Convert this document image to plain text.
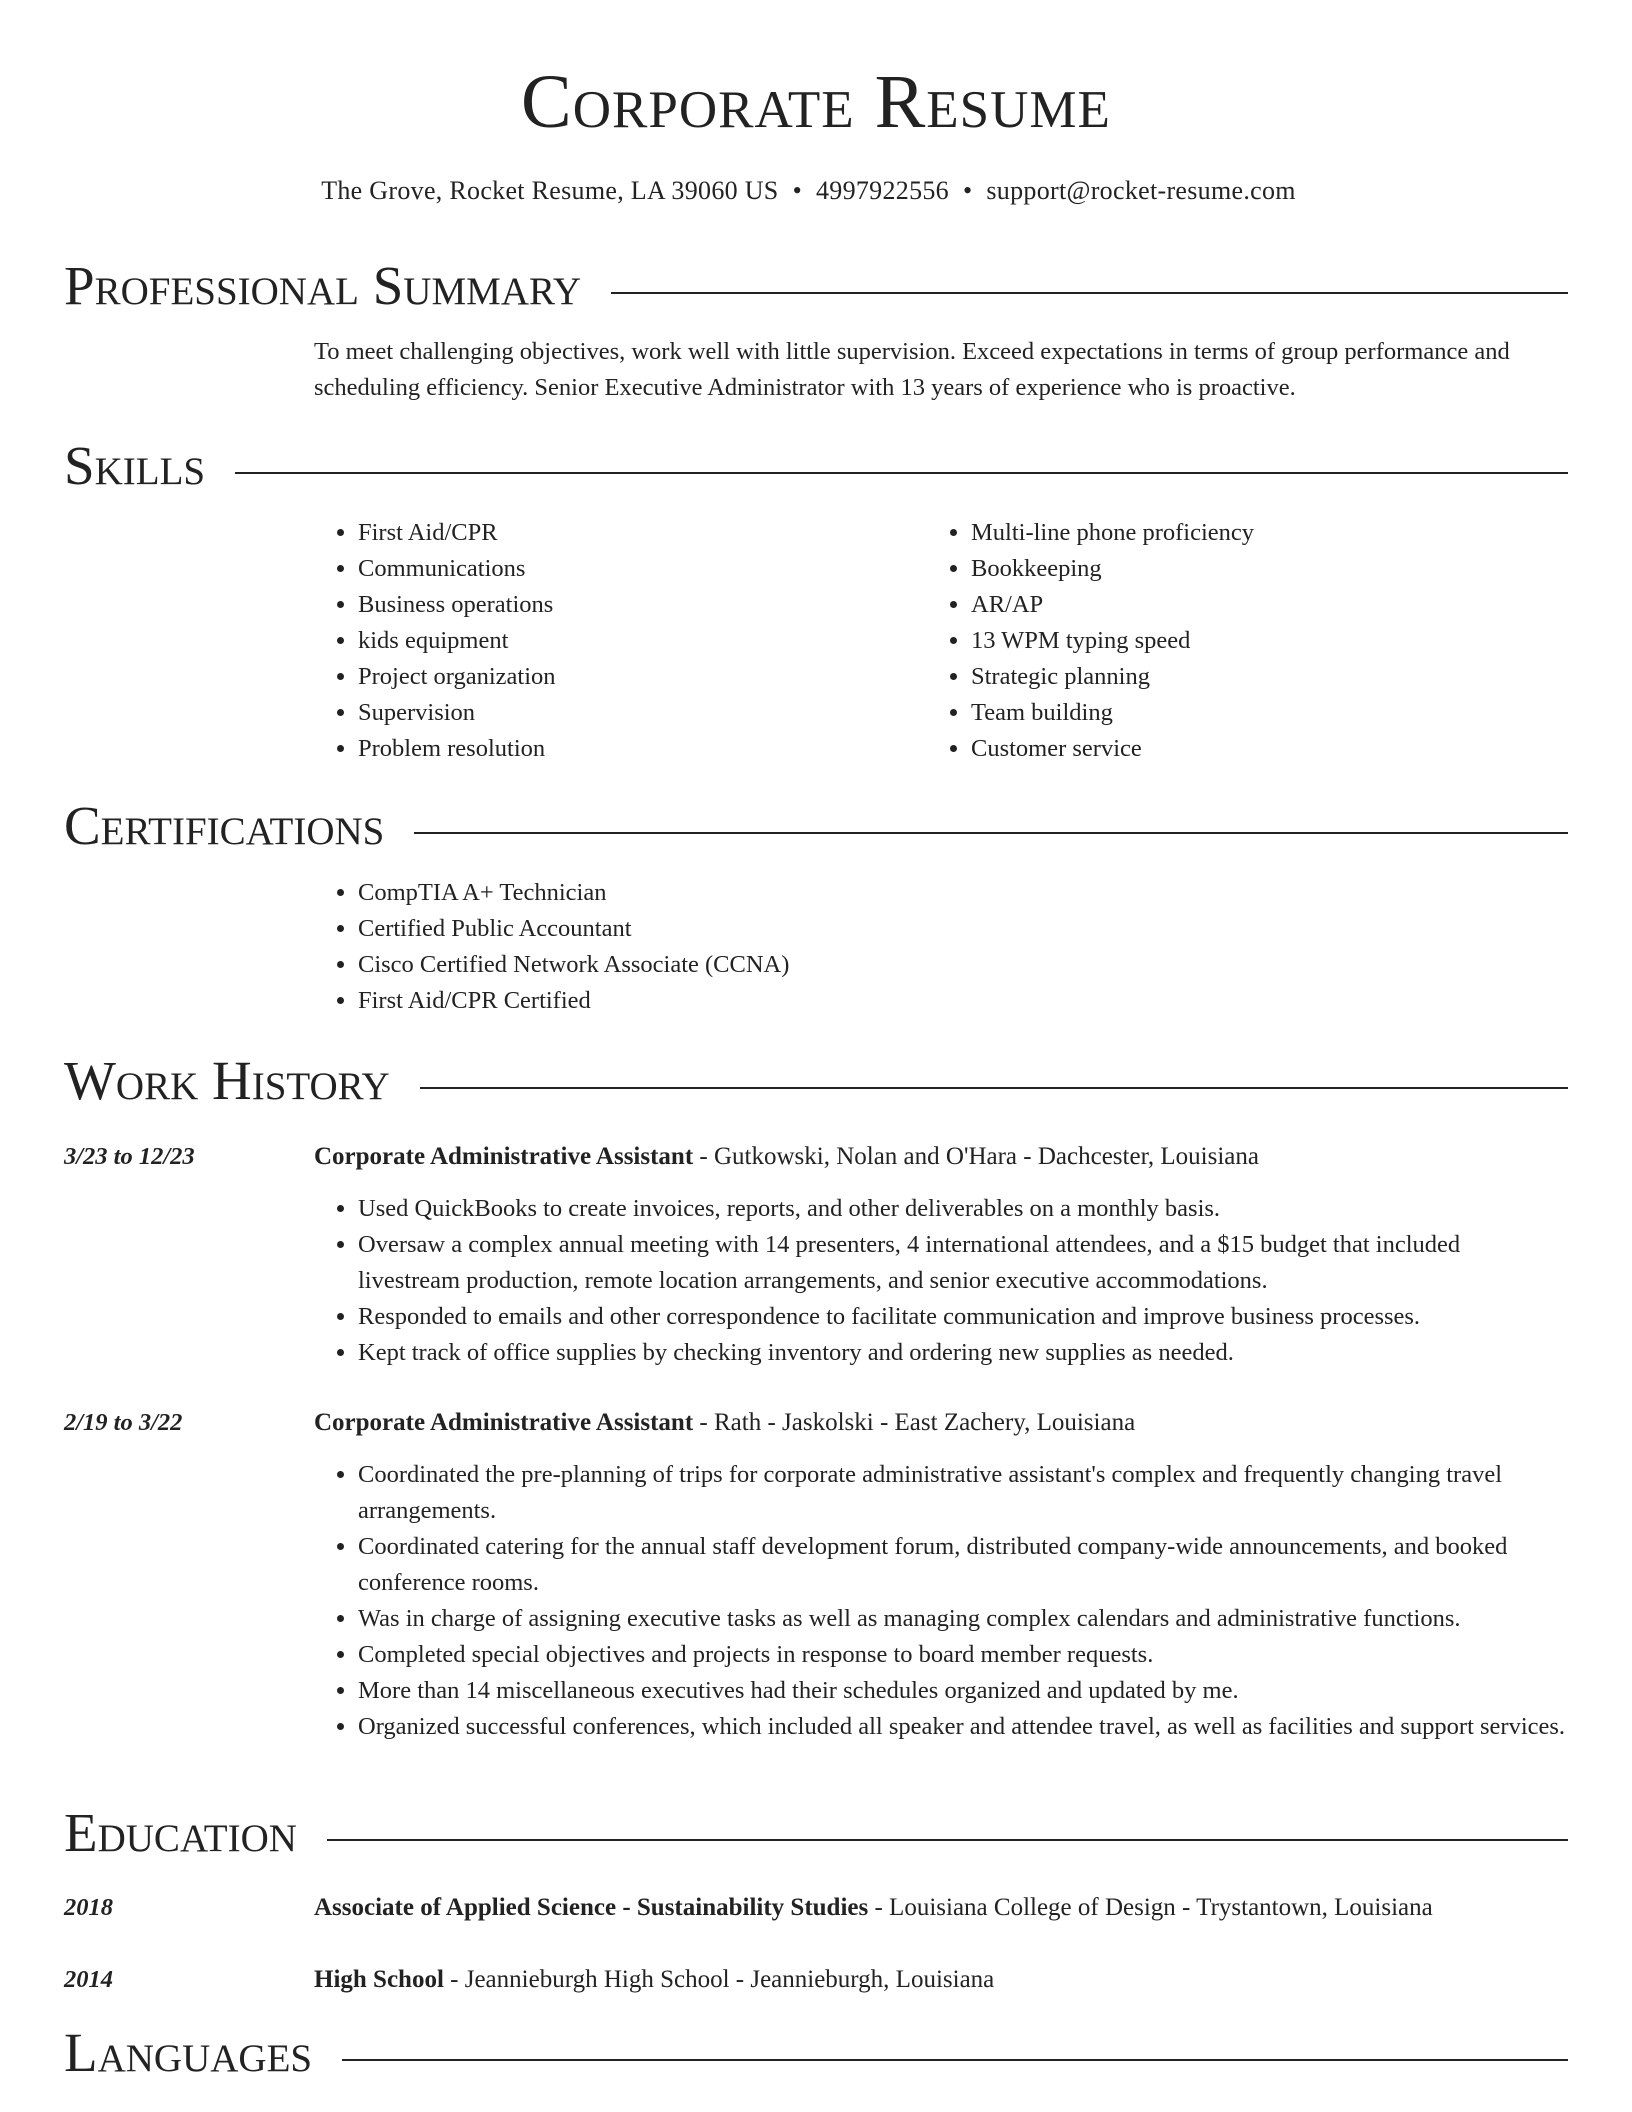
Corporate Resume
The Grove, Rocket Resume, LA 39060 US • 4997922556 • support@rocket-resume.com
Professional Summary
To meet challenging objectives, work well with little supervision. Exceed expectations in terms of group performance and scheduling efficiency. Senior Executive Administrator with 13 years of experience who is proactive.
Skills
• First Aid/CPR
• Communications
• Business operations
• kids equipment
• Project organization
• Supervision
• Problem resolution
• Multi-line phone proficiency
• Bookkeeping
• AR/AP
• 13 WPM typing speed
• Strategic planning
• Team building
• Customer service
Certifications
• CompTIA A+ Technician
• Certified Public Accountant
• Cisco Certified Network Associate (CCNA)
• First Aid/CPR Certified
Work History
3/23 to 12/23	Corporate Administrative Assistant - Gutkowski, Nolan and O'Hara - Dachcester, Louisiana
• Used QuickBooks to create invoices, reports, and other deliverables on a monthly basis.
• Oversaw a complex annual meeting with 14 presenters, 4 international attendees, and a $15 budget that included livestream production, remote location arrangements, and senior executive accommodations.
• Responded to emails and other correspondence to facilitate communication and improve business processes.
• Kept track of office supplies by checking inventory and ordering new supplies as needed.
2/19 to 3/22	Corporate Administrative Assistant - Rath - Jaskolski - East Zachery, Louisiana
• Coordinated the pre-planning of trips for corporate administrative assistant's complex and frequently changing travel arrangements.
• Coordinated catering for the annual staff development forum, distributed company-wide announcements, and booked conference rooms.
• Was in charge of assigning executive tasks as well as managing complex calendars and administrative functions.
• Completed special objectives and projects in response to board member requests.
• More than 14 miscellaneous executives had their schedules organized and updated by me.
• Organized successful conferences, which included all speaker and attendee travel, as well as facilities and support services.
Education
2018	Associate of Applied Science - Sustainability Studies - Louisiana College of Design - Trystantown, Louisiana
2014	High School - Jeannieburgh High School - Jeannieburgh, Louisiana
Languages
